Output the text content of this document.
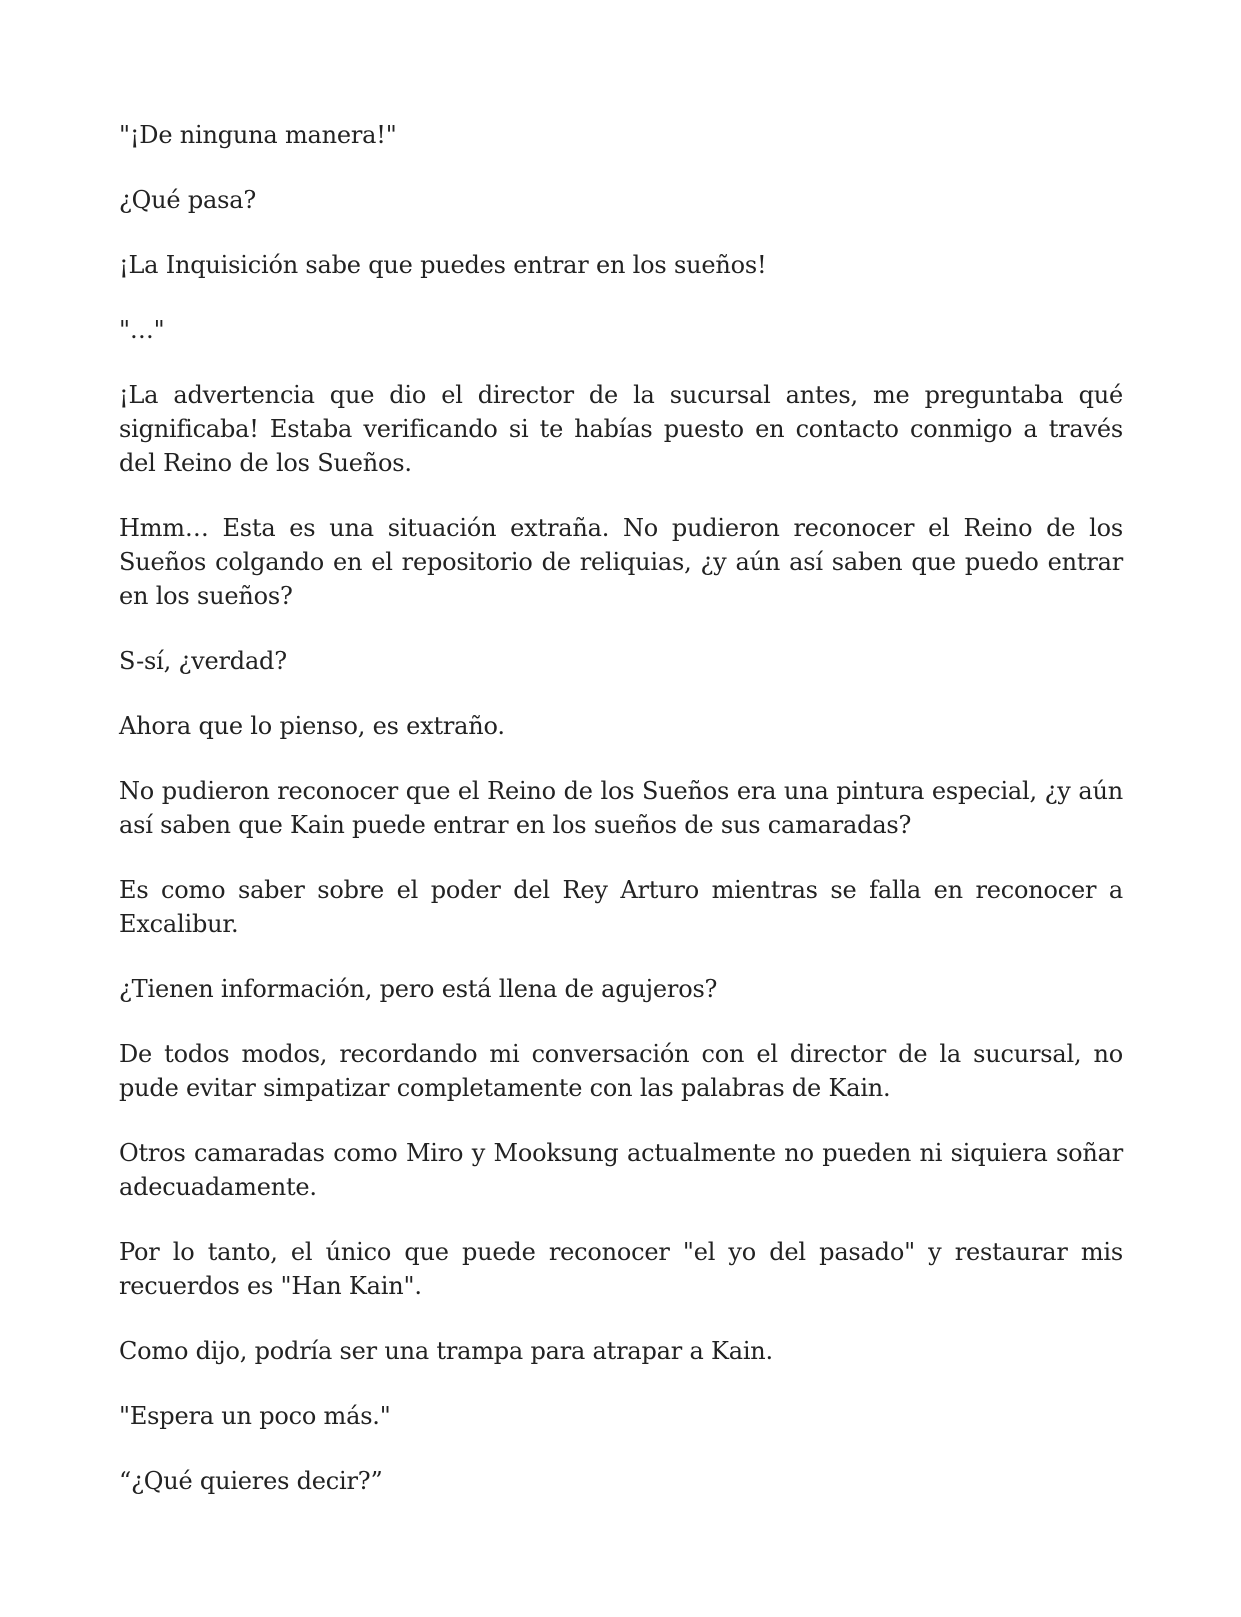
"¡De ninguna manera!"

¿Qué pasa?

¡La Inquisición sabe que puedes entrar en los sueños!

"…"

¡La advertencia que dio el director de la sucursal antes, me preguntaba qué significaba! Estaba verificando si te habías puesto en contacto conmigo a través del Reino de los Sueños.

Hmm… Esta es una situación extraña. No pudieron reconocer el Reino de los Sueños colgando en el repositorio de reliquias, ¿y aún así saben que puedo entrar en los sueños?

S-sí, ¿verdad?

Ahora que lo pienso, es extraño.

No pudieron reconocer que el Reino de los Sueños era una pintura especial, ¿y aún así saben que Kain puede entrar en los sueños de sus camaradas?

Es como saber sobre el poder del Rey Arturo mientras se falla en reconocer a Excalibur.

¿Tienen información, pero está llena de agujeros?

De todos modos, recordando mi conversación con el director de la sucursal, no pude evitar simpatizar completamente con las palabras de Kain.

Otros camaradas como Miro y Mooksung actualmente no pueden ni siquiera soñar adecuadamente.

Por lo tanto, el único que puede reconocer "el yo del pasado" y restaurar mis recuerdos es "Han Kain".

Como dijo, podría ser una trampa para atrapar a Kain.

"Espera un poco más."

“¿Qué quieres decir?”
